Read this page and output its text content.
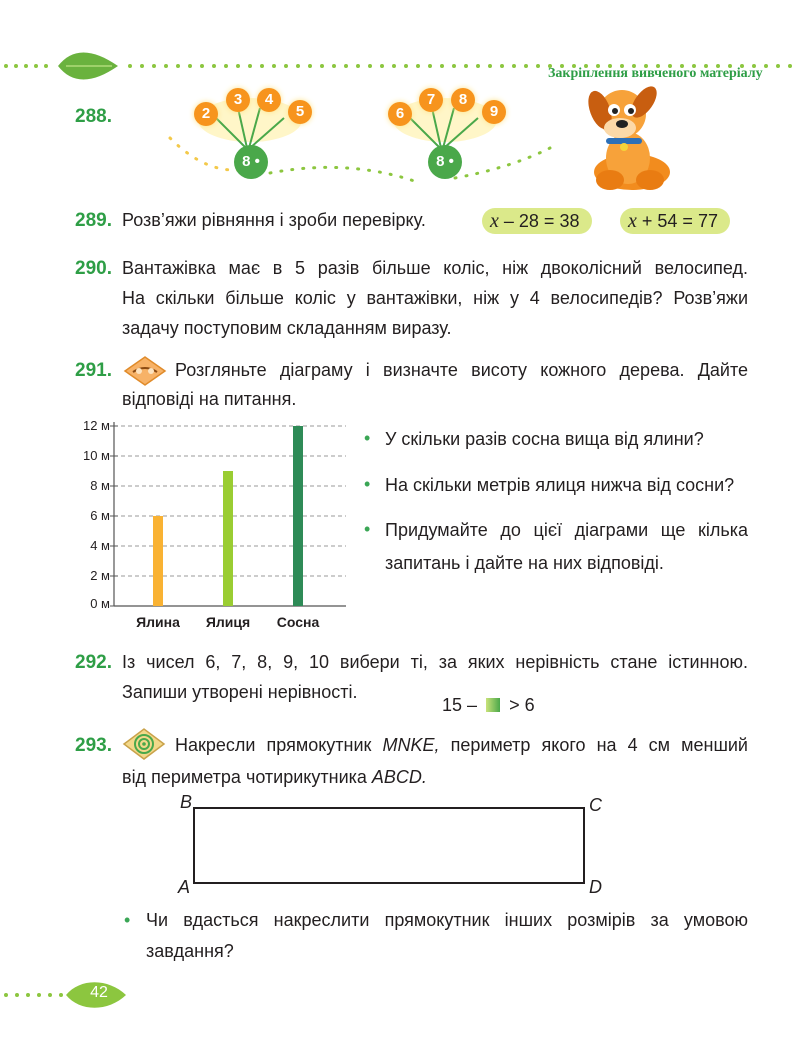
Закріплення вивченого матеріалу
288.	2
3	4
5
8 •
6
7	8
9
8 •
289. Розв’яжи рівняння і зроби перевірку.	x – 28 = 38	x + 54 = 77
290. Вантажівка має в 5 разів більше коліс, ніж двоколісний велосипед.
На скільки більше коліс у вантажівки, ніж у 4 велосипедів? Розв’яжи
задачу поступовим складанням виразу.
291.	Розгляньте діаграму і визначте висоту кожного дерева. Дайте
відповіді на питання.
0 м
2 м
4 м
6 м
8 м
10 м
12 м
Ялина	Ялиця	Сосна
• У скільки разів сосна вища від ялини?
• На скільки метрів ялиця нижча від сосни?
• Придумайте до цієї діаграми ще кілька
запитань і дайте на них відповіді.
292. Із чисел 6, 7, 8, 9, 10 вибери ті, за яких нерівність стане істинною.
Запиши утворені нерівності.
15 – > 6
293.	Накресли прямокутник MNKE, периметр якого на 4 см менший
від периметра чотирикутника ABCD.
B	C
A	D
• Чи вдасться накреслити прямокутник інших розмірів за умовою
завдання?
42
